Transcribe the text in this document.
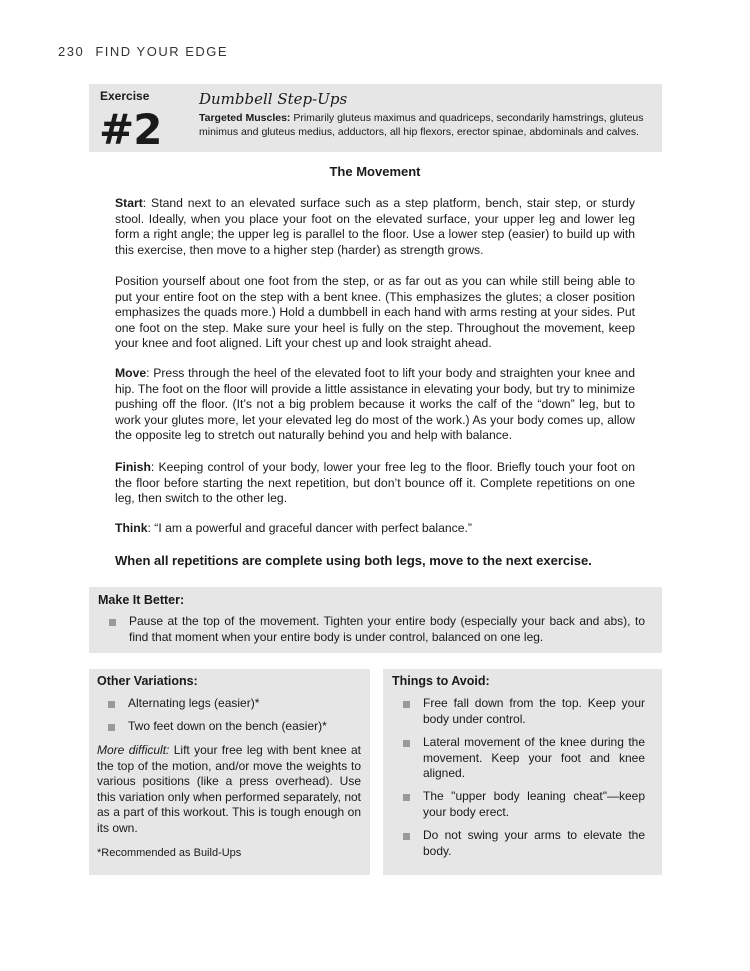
230 FIND YOUR EDGE
Exercise
#2
Dumbbell Step-Ups
Targeted Muscles: Primarily gluteus maximus and quadriceps, secondarily hamstrings, gluteus minimus and gluteus medius, adductors, all hip flexors, erector spinae, abdominals and calves.
The Movement
Start: Stand next to an elevated surface such as a step platform, bench, stair step, or sturdy stool. Ideally, when you place your foot on the elevated surface, your upper leg and lower leg form a right angle; the upper leg is parallel to the floor. Use a lower step (easier) to build up with this exercise, then move to a higher step (harder) as strength grows.
Position yourself about one foot from the step, or as far out as you can while still being able to put your entire foot on the step with a bent knee. (This emphasizes the glutes; a closer position emphasizes the quads more.) Hold a dumbbell in each hand with arms resting at your sides. Put one foot on the step. Make sure your heel is fully on the step. Throughout the movement, keep your knee and foot aligned. Lift your chest up and look straight ahead.
Move: Press through the heel of the elevated foot to lift your body and straighten your knee and hip. The foot on the floor will provide a little assistance in elevating your body, but try to minimize pushing off the floor. (It’s not a big problem because it works the calf of the “down” leg, but to work your glutes more, let your elevated leg do most of the work.) As your body comes up, allow the opposite leg to stretch out naturally behind you and help with balance.
Finish: Keeping control of your body, lower your free leg to the floor. Briefly touch your foot on the floor before starting the next repetition, but don’t bounce off it. Complete repetitions on one leg, then switch to the other leg.
Think: “I am a powerful and graceful dancer with perfect balance.”
When all repetitions are complete using both legs, move to the next exercise.
Make It Better:
Pause at the top of the movement. Tighten your entire body (especially your back and abs), to find that moment when your entire body is under control, balanced on one leg.
Other Variations:
Alternating legs (easier)*
Two feet down on the bench (easier)*
More difficult: Lift your free leg with bent knee at the top of the motion, and/or move the weights to various positions (like a press overhead). Use this variation only when performed separately, not as a part of this workout. This is tough enough on its own.
*Recommended as Build-Ups
Things to Avoid:
Free fall down from the top. Keep your body under control.
Lateral movement of the knee during the movement. Keep your foot and knee aligned.
The "upper body leaning cheat"—keep your body erect.
Do not swing your arms to elevate the body.
